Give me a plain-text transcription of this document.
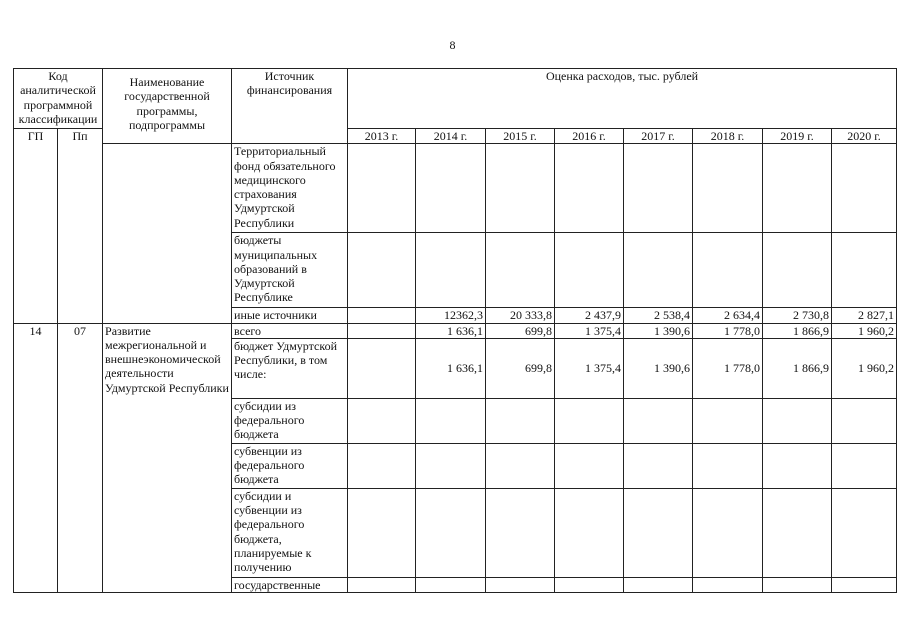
8
Код аналитической программной классификации		Наименование государственной программы, подпрограммы	Источник финансирования	Оценка расходов, тыс. рублей							
ГП	Пп			2013 г.	2014 г.	2015 г.	2016 г.	2017 г.	2018 г.	2019 г.	2020 г.
			Территориальный фонд обязательного медицинского страхования Удмуртской Республики								
			бюджеты муниципальных образований в Удмуртской Республике								
			иные источники		12362,3	20 333,8	2 437,9	2 538,4	2 634,4	2 730,8	2 827,1
14	07	Развитие межрегиональной и внешнеэкономической деятельности Удмуртской Республики	всего		1 636,1	699,8	1 375,4	1 390,6	1 778,0	1 866,9	1 960,2
			бюджет Удмуртской Республики, в том числе:		1 636,1	699,8	1 375,4	1 390,6	1 778,0	1 866,9	1 960,2
			субсидии из федерального бюджета								
			субвенции из федерального бюджета								
			субсидии и субвенции из федерального бюджета, планируемые к получению								
			государственные								
